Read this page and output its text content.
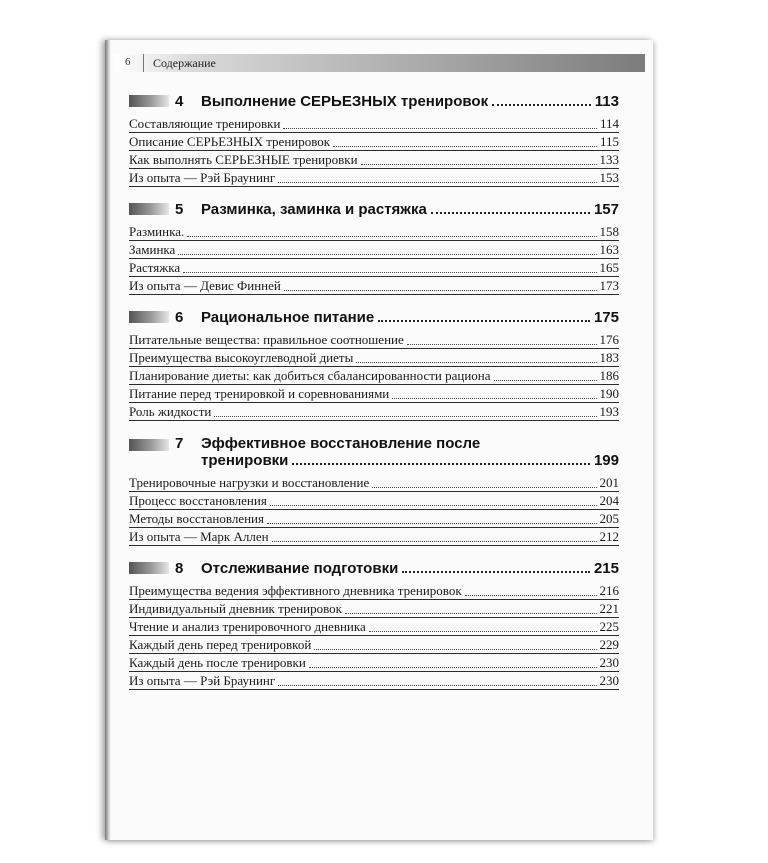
6 Содержание
4	Выполнение СЕРЬЕЗНЫХ тренировок	113
Составляющие тренировки	114
Описание СЕРЬЕЗНЫХ тренировок	115
Как выполнять СЕРЬЕЗНЫЕ тренировки	133
Из опыта — Рэй Браунинг	153
5	Разминка, заминка и растяжка	157
Разминка.	158
Заминка	163
Растяжка	165
Из опыта — Девис Финней	173
6	Рациональное питание	175
Питательные вещества: правильное соотношение	176
Преимущества высокоуглеводной диеты	183
Планирование диеты: как добиться сбалансированности рациона	186
Питание перед тренировкой и соревнованиями	190
Роль жидкости	193
7	Эффективное восстановление после
тренировки	199
Тренировочные нагрузки и восстановление	201
Процесс восстановления	204
Методы восстановления	205
Из опыта — Марк Аллен	212
8	Отслеживание подготовки	215
Преимущества ведения эффективного дневника тренировок	216
Индивидуальный дневник тренировок	221
Чтение и анализ тренировочного дневника	225
Каждый день перед тренировкой	229
Каждый день после тренировки	230
Из опыта — Рэй Браунинг	230
